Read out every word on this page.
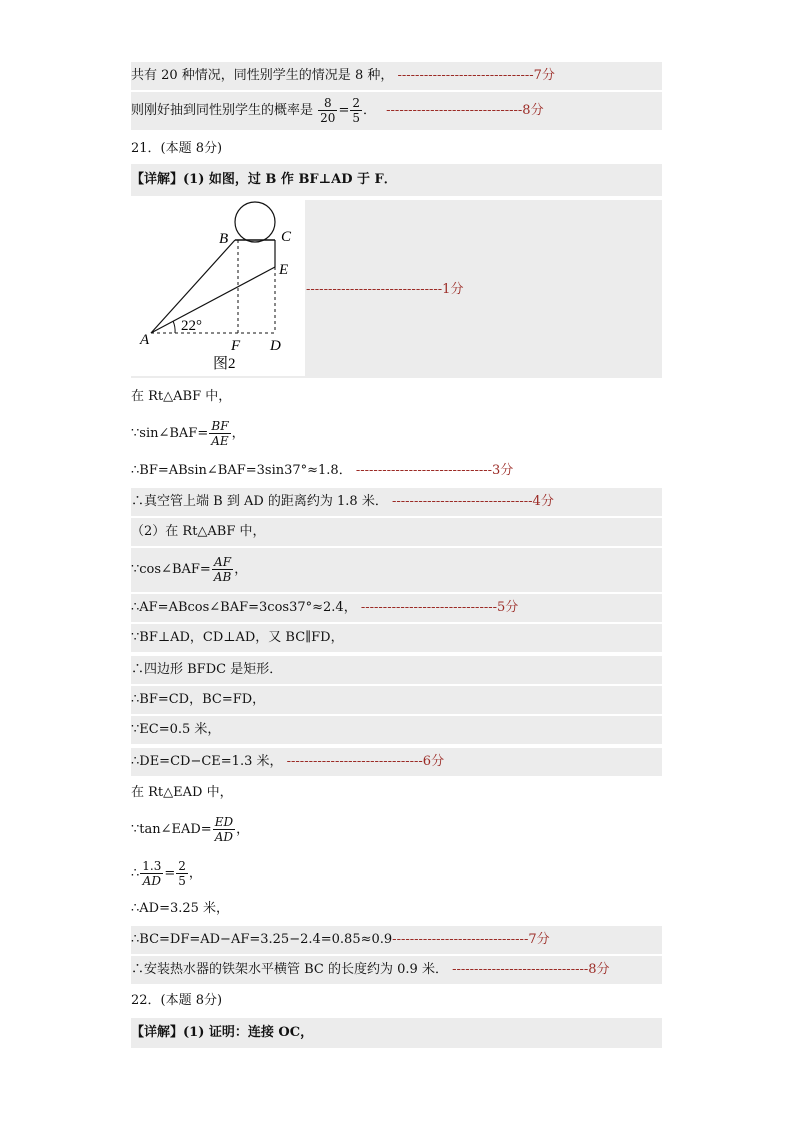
共有 20 种情况，同性别学生的情况是 8 种， -------------------------------7分
则刚好抽到同性别学生的概率是 $\frac{8}{20} = \frac{2}{5}$ ． -------------------------------8分
21．(本题 8分)
【详解】(1) 如图，过 B 作 BF⊥AD 于 F．
B	C
E
A	F D
22°
图2
-------------------------------1分
在 Rt△ABF 中，
∵sin∠BAF= $\frac{BF}{AE}$ ，
∴BF=ABsin∠BAF=3sin37°≈1.8． -------------------------------3分
∴真空管上端 B 到 AD 的距离约为 1.8 米． --------------------------------4分
（2）在 Rt△ABF 中，
∵cos∠BAF= $\frac{AF}{AB}$ ，
∴AF=ABcos∠BAF=3cos37°≈2.4， -------------------------------5分
∵BF⊥AD，CD⊥AD，又 BC∥FD，
∴四边形 BFDC 是矩形．
∴BF=CD，BC=FD，
∵EC=0.5 米，
∴DE=CD−CE=1.3 米， -------------------------------6分
在 Rt△EAD 中，
∵tan∠EAD= $\frac{ED}{AD}$ ，
∴ $\frac{1.3}{AD} = \frac{2}{5}$ ，
∴AD=3.25 米，
∴BC=DF=AD−AF=3.25−2.4=0.85≈0.9-------------------------------7分
∴安装热水器的铁架水平横管 BC 的长度约为 0.9 米． -------------------------------8分
22．(本题 8分)
【详解】(1) 证明：连接 OC，
